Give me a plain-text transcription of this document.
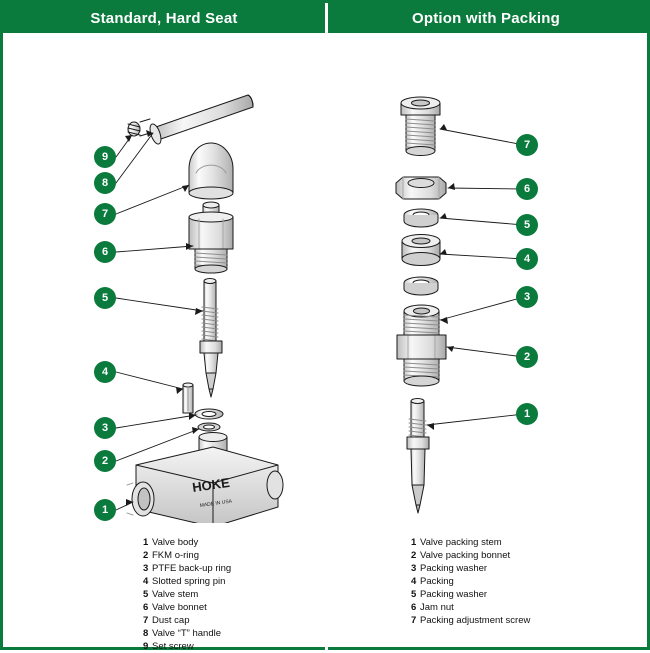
Standard, Hard Seat	Option with Packing
HOKE
MADE IN USA
9
8
7
6
5
4
3
2
1
7
6
5
4
3
2
1
1 Valve body
2 FKM o-ring
3 PTFE back-up ring
4 Slotted spring pin
5 Valve stem
6 Valve bonnet
7 Dust cap
8 Valve “T” handle
9 Set screw
1 Valve packing stem
2 Valve packing bonnet
3 Packing washer
4 Packing
5 Packing washer
6 Jam nut
7 Packing adjustment screw
